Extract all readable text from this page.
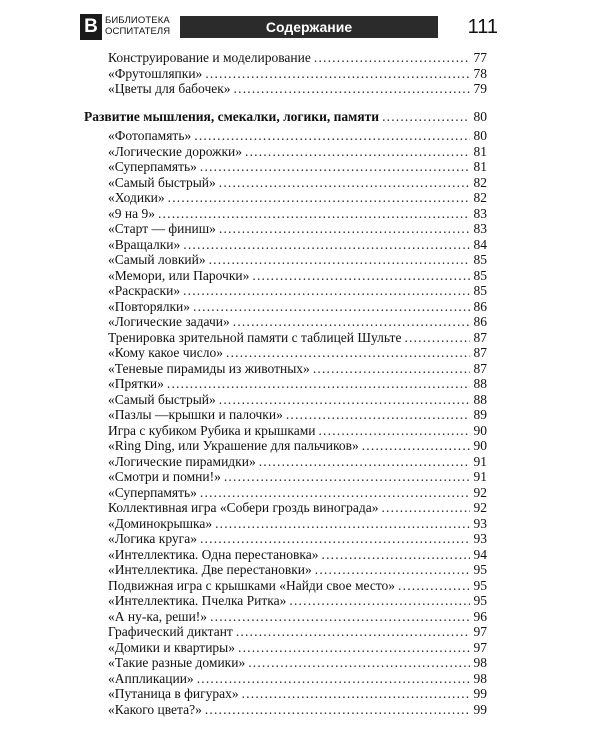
В БИБЛИОТЕКА
ОСПИТАТЕЛЯ	Содержание	111
Конструирование и моделирование .....	77
«Фрутошляпки» .....	78
«Цветы для бабочек» .....	79
Развитие мышления, смекалки, логики, памяти .....	80
«Фотопамять» .....	80
«Логические дорожки» .....	81
«Суперпамять» .....	81
«Самый быстрый» .....	82
«Ходики» .....	82
«9 на 9» .....	83
«Старт — финиш» .....	83
«Вращалки» .....	84
«Самый ловкий» .....	85
«Мемори, или Парочки» .....	85
«Раскраски» .....	85
«Повторялки» .....	86
«Логические задачи» .....	86
Тренировка зрительной памяти с таблицей Шульте .....	87
«Кому какое число» .....	87
«Теневые пирамиды из животных» .....	87
«Прятки» .....	88
«Самый быстрый» .....	88
«Пазлы —крышки и палочки» .....	89
Игра с кубиком Рубика и крышками .....	90
«Ring Ding, или Украшение для пальчиков» .....	90
«Логические пирамидки» .....	91
«Смотри и помни!» .....	91
«Суперпамять» .....	92
Коллективная игра «Собери гроздь винограда» .....	92
«Доминокрышка» .....	93
«Логика круга» .....	93
«Интеллектика. Одна перестановка» .....	94
«Интеллектика. Две перестановки» .....	95
Подвижная игра с крышками «Найди свое место» .....	95
«Интеллектика. Пчелка Ритка» .....	95
«А ну-ка, реши!» .....	96
Графический диктант .....	97
«Домики и квартиры» .....	97
«Такие разные домики» .....	98
«Аппликации» .....	98
«Путаница в фигурах» .....	99
«Какого цвета?» .....	99
